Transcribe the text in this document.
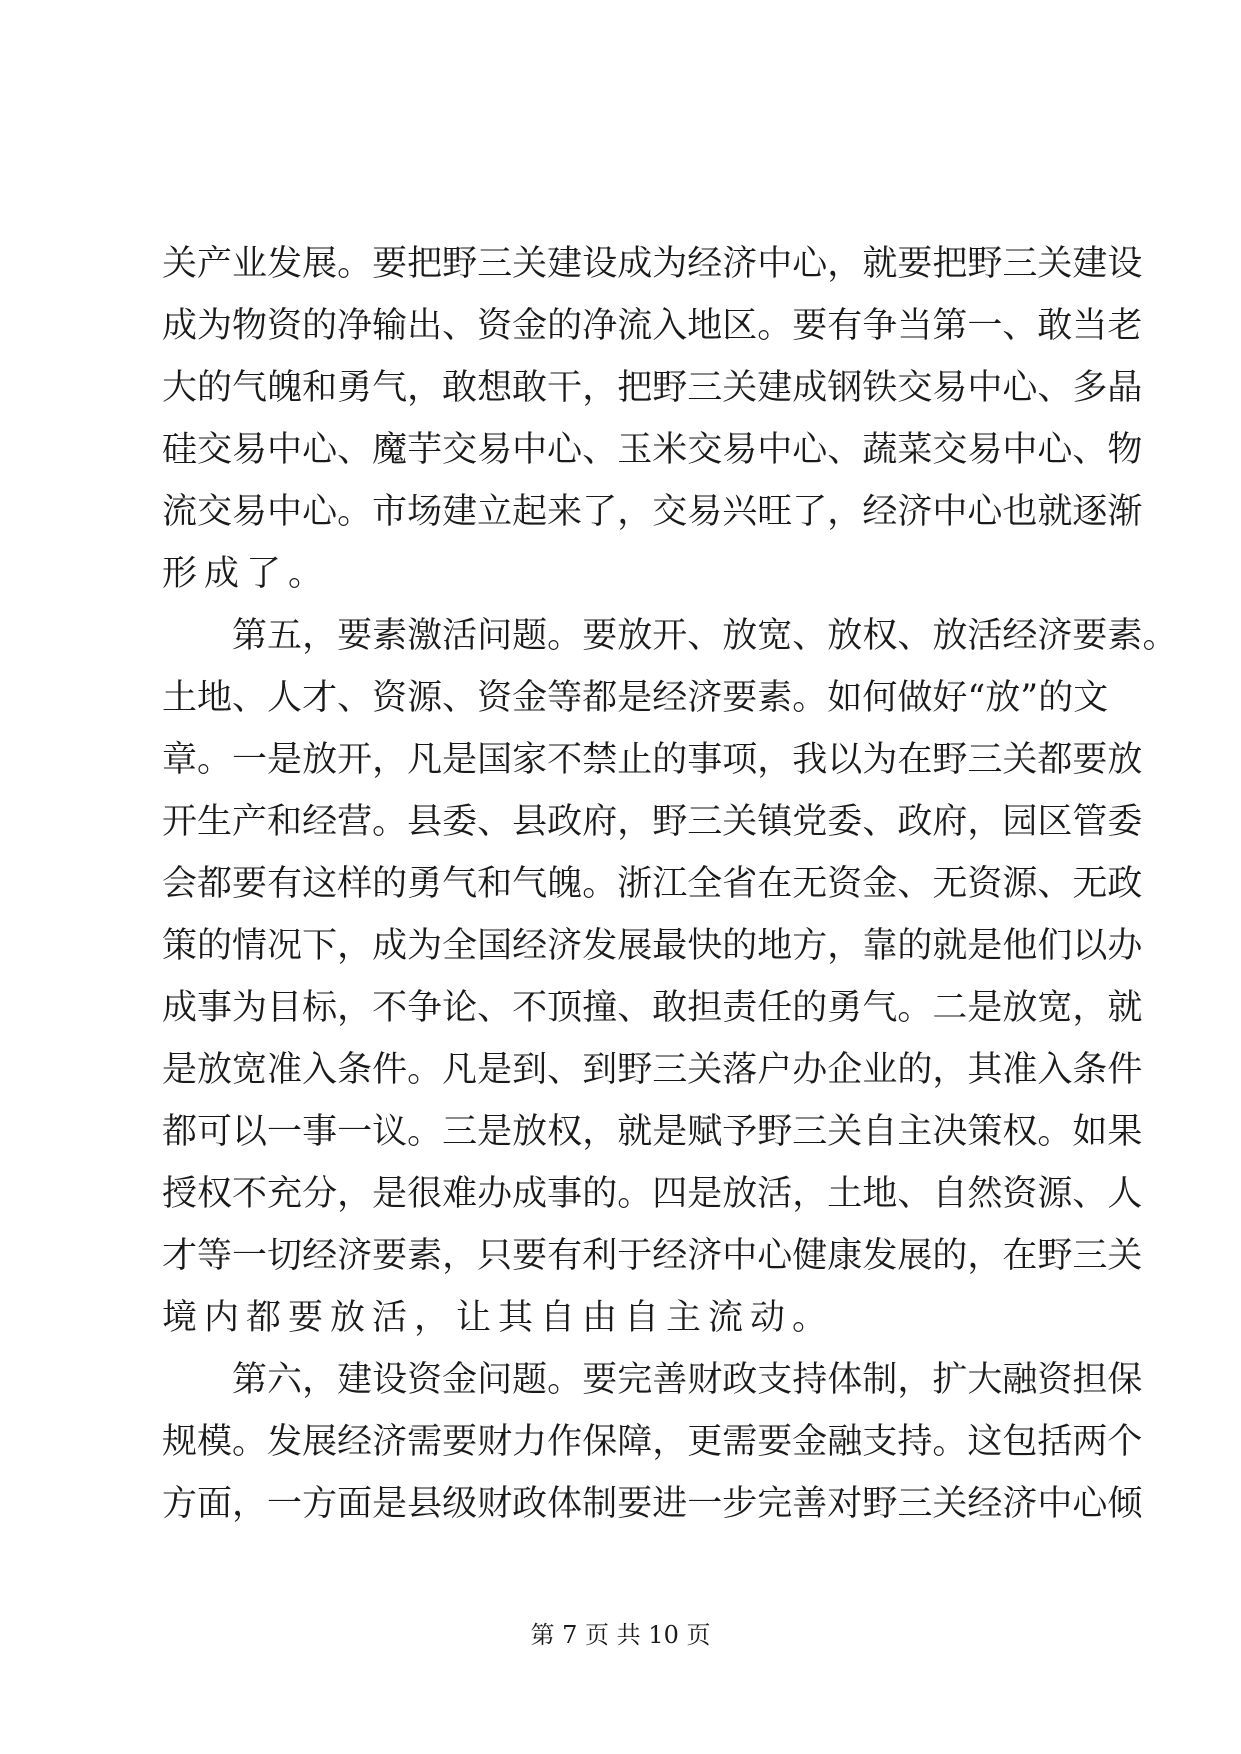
关 产 业 发 展 。 要 把 野 三 关 建 设 成 为 经 济 中 心 ， 就 要 把 野 三 关 建 设
成 为 物 资 的 净 输 出 、 资 金 的 净 流 入 地 区 。 要 有 争 当 第 一 、 敢 当 老
大 的 气 魄 和 勇 气 ， 敢 想 敢 干 ， 把 野 三 关 建 成 钢 铁 交 易 中 心 、 多 晶
硅 交 易 中 心 、 魔 芋 交 易 中 心 、 玉 米 交 易 中 心 、 蔬 菜 交 易 中 心 、 物
流 交 易 中 心 。 市 场 建 立 起 来 了 ， 交 易 兴 旺 了 ， 经 济 中 心 也 就 逐 渐
形成了。

第 五 ， 要 素 激 活 问 题 。 要 放 开 、 放 宽 、 放 权 、 放 活 经 济 要 素 。
土 地 、 人 才 、 资 源 、 资 金 等 都 是 经 济 要 素 。 如 何 做 好 “ 放 ” 的 文
章 。 一 是 放 开 ， 凡 是 国 家 不 禁 止 的 事 项 ， 我 以 为 在 野 三 关 都 要 放
开 生 产 和 经 营 。 县 委 、 县 政 府 ， 野 三 关 镇 党 委 、 政 府 ， 园 区 管 委
会 都 要 有 这 样 的 勇 气 和 气 魄 。 浙 江 全 省 在 无 资 金 、 无 资 源 、 无 政
策 的 情 况 下 ， 成 为 全 国 经 济 发 展 最 快 的 地 方 ， 靠 的 就 是 他 们 以 办
成 事 为 目 标 ， 不 争 论 、 不 顶 撞 、 敢 担 责 任 的 勇 气 。 二 是 放 宽 ， 就
是 放 宽 准 入 条 件 。 凡 是 到 、 到 野 三 关 落 户 办 企 业 的 ， 其 准 入 条 件
都 可 以 一 事 一 议 。 三 是 放 权 ， 就 是 赋 予 野 三 关 自 主 决 策 权 。 如 果
授 权 不 充 分 ， 是 很 难 办 成 事 的 。 四 是 放 活 ， 土 地 、 自 然 资 源 、 人
才 等 一 切 经 济 要 素 ， 只 要 有 利 于 经 济 中 心 健 康 发 展 的 ， 在 野 三 关
境内都要放活，让其自由自主流动。

第 六 ， 建 设 资 金 问 题 。 要 完 善 财 政 支 持 体 制 ， 扩 大 融 资 担 保
规 模 。 发 展 经 济 需 要 财 力 作 保 障 ， 更 需 要 金 融 支 持 。 这 包 括 两 个
方 面 ， 一 方 面 是 县 级 财 政 体 制 要 进 一 步 完 善 对 野 三 关 经 济 中 心 倾
第 7 页 共 10 页
